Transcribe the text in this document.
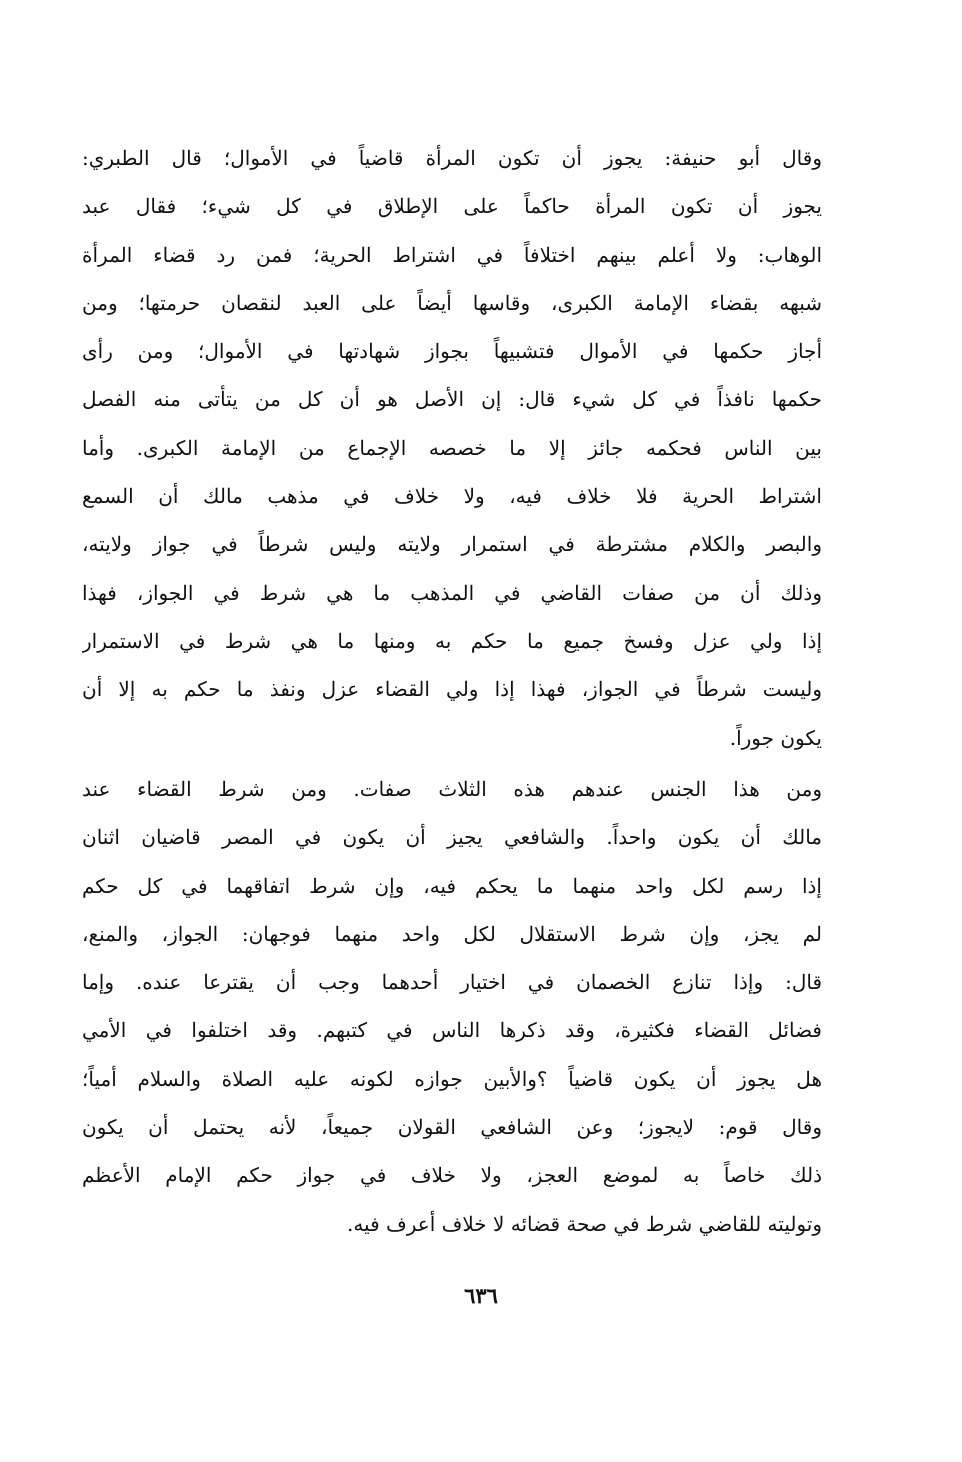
وقال أبو حنيفة: يجوز أن تكون المرأة قاضياً في الأموال؛ قال الطبري:
يجوز أن تكون المرأة حاكماً على الإطلاق في كل شيء؛ فقال عبد
الوهاب: ولا أعلم بينهم اختلافاً في اشتراط الحرية؛ فمن رد قضاء المرأة
شبهه بقضاء الإمامة الكبرى، وقاسها أيضاً على العبد لنقصان حرمتها؛ ومن
أجاز حكمها في الأموال فتشبيهاً بجواز شهادتها في الأموال؛ ومن رأى
حكمها نافذاً في كل شيء قال: إن الأصل هو أن كل من يتأتى منه الفصل
بين الناس فحكمه جائز إلا ما خصصه الإجماع من الإمامة الكبرى. وأما
اشتراط الحرية فلا خلاف فيه، ولا خلاف في مذهب مالك أن السمع
والبصر والكلام مشترطة في استمرار ولايته وليس شرطاً في جواز ولايته،
وذلك أن من صفات القاضي في المذهب ما هي شرط في الجواز، فهذا
إذا ولي عزل وفسخ جميع ما حكم به ومنها ما هي شرط في الاستمرار
وليست شرطاً في الجواز، فهذا إذا ولي القضاء عزل ونفذ ما حكم به إلا أن
يكون جوراً.
ومن هذا الجنس عندهم هذه الثلاث صفات. ومن شرط القضاء عند
مالك أن يكون واحداً. والشافعي يجيز أن يكون في المصر قاضيان اثنان
إذا رسم لكل واحد منهما ما يحكم فيه، وإن شرط اتفاقهما في كل حكم
لم يجز، وإن شرط الاستقلال لكل واحد منهما فوجهان: الجواز، والمنع،
قال: وإذا تنازع الخصمان في اختيار أحدهما وجب أن يقترعا عنده. وإما
فضائل القضاء فكثيرة، وقد ذكرها الناس في كتبهم. وقد اختلفوا في الأمي
هل يجوز أن يكون قاضياً ؟والأبين جوازه لكونه عليه الصلاة والسلام أمياً؛
وقال قوم: لايجوز؛ وعن الشافعي القولان جميعاً، لأنه يحتمل أن يكون
ذلك خاصاً به لموضع العجز، ولا خلاف في جواز حكم الإمام الأعظم
وتوليته للقاضي شرط في صحة قضائه لا خلاف أعرف فيه.
٦٣٦
